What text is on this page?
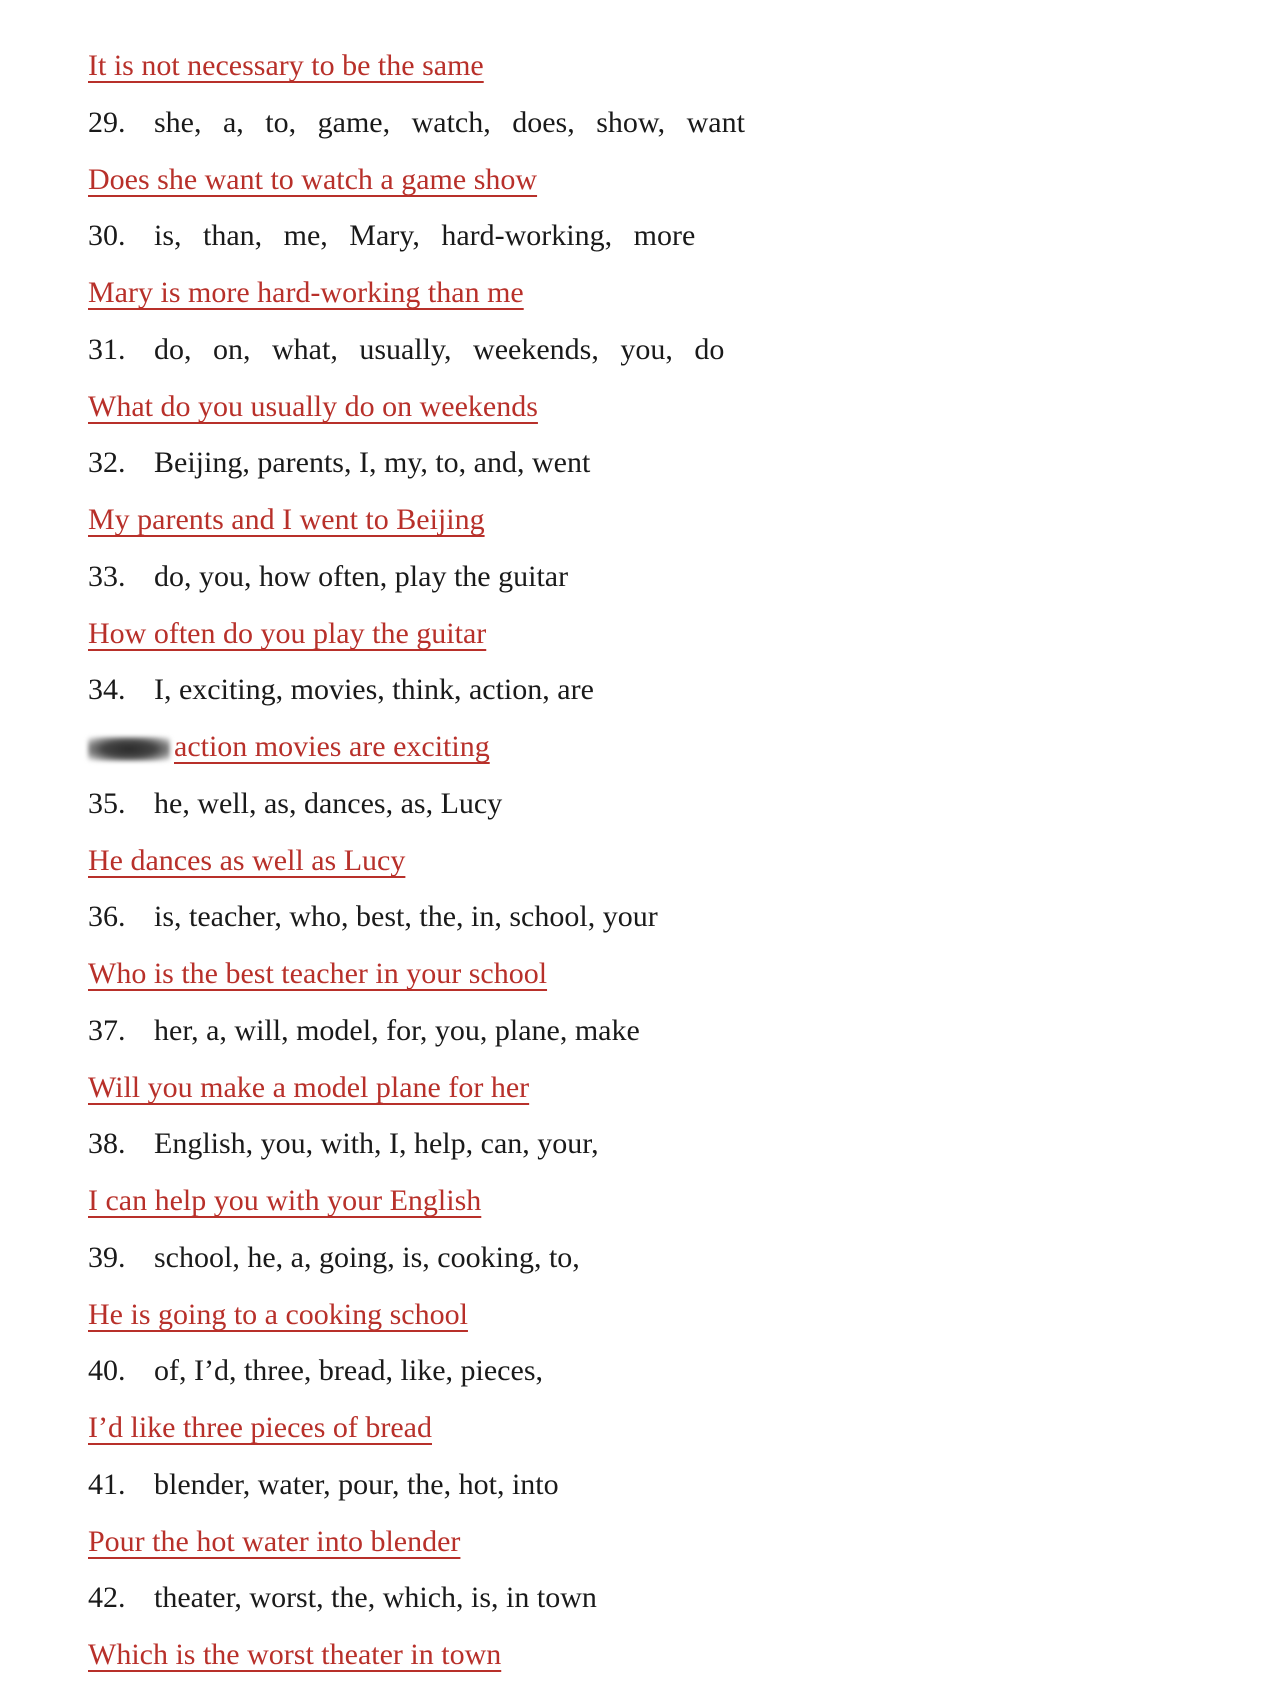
It is not necessary to be the same
29. she, a, to, game, watch, does, show, want
Does she want to watch a game show
30. is, than, me, Mary, hard-working, more
Mary is more hard-working than me
31. do, on, what, usually, weekends, you, do
What do you usually do on weekends
32. Beijing, parents, I, my, to, and, went
My parents and I went to Beijing
33. do, you, how often, play the guitar
How often do you play the guitar
34. I, exciting, movies, think, action, are
action movies are exciting
35. he, well, as, dances, as, Lucy
He dances as well as Lucy
36. is, teacher, who, best, the, in, school, your
Who is the best teacher in your school
37. her, a, will, model, for, you, plane, make
Will you make a model plane for her
38. English, you, with, I, help, can, your,
I can help you with your English
39. school, he, a, going, is, cooking, to,
He is going to a cooking school
40. of, I’d, three, bread, like, pieces,
I’d like three pieces of bread
41. blender, water, pour, the, hot, into
Pour the hot water into blender
42. theater, worst, the, which, is, in town
Which is the worst theater in town
